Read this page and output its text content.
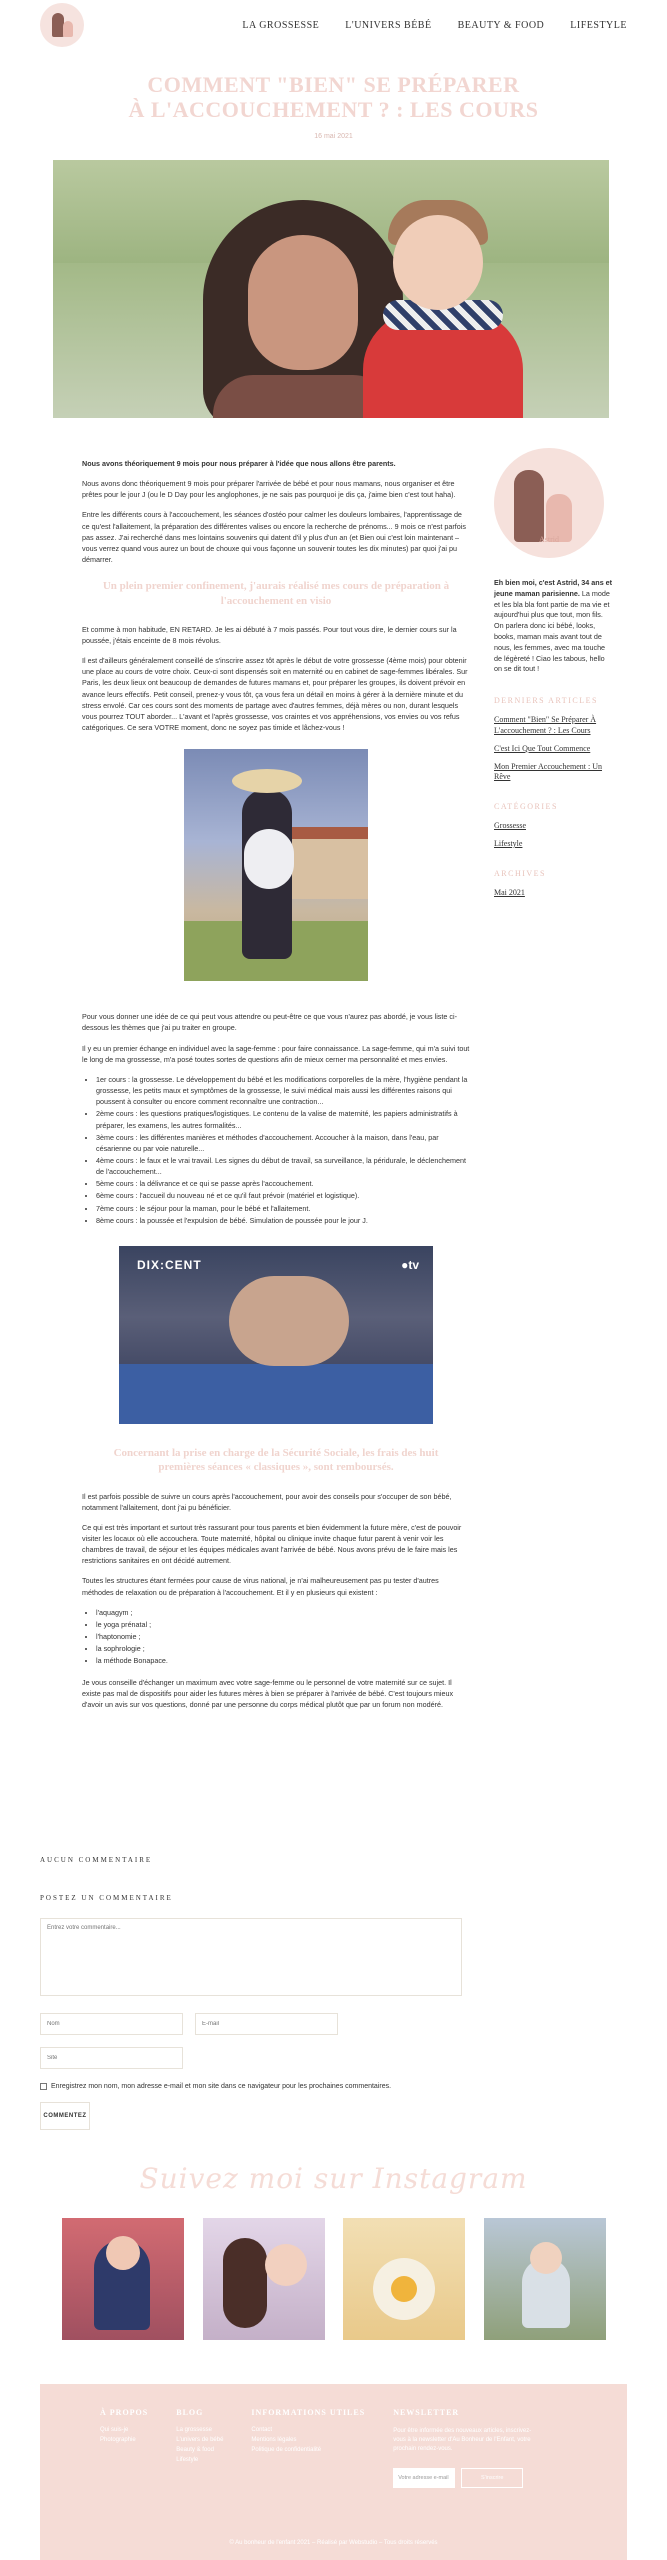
LA GROSSESSE	L'UNIVERS BÉBÉ	BEAUTY & FOOD	LIFESTYLE
COMMENT "BIEN" SE PRÉPARER
À L'ACCOUCHEMENT ? : LES COURS
16 mai 2021

Nous avons théoriquement 9 mois pour nous préparer à l'idée que nous allons être parents.

Nous avons donc théoriquement 9 mois pour préparer l'arrivée de bébé et pour nous mamans, nous organiser et être prêtes pour le jour J (ou le D Day pour les anglophones, je ne sais pas pourquoi je dis ça, j'aime bien c'est tout haha).

Entre les différents cours à l'accouchement, les séances d'ostéo pour calmer les douleurs lombaires, l'apprentissage de ce qu'est l'allaitement, la préparation des différentes valises ou encore la recherche de prénoms... 9 mois ce n'est parfois pas assez. J'ai recherché dans mes lointains souvenirs qui datent d'il y plus d'un an (et Bien oui c'est loin maintenant – vous verrez quand vous aurez un bout de chouxe qui vous façonne un souvenir toutes les dix minutes) par quoi j'ai pu démarrer.

Un plein premier confinement, j'aurais réalisé mes cours de préparation à l'accouchement en visio

Et comme à mon habitude, EN RETARD. Je les ai débuté à 7 mois passés. Pour tout vous dire, le dernier cours sur la poussée, j'étais enceinte de 8 mois révolus.

Il est d'ailleurs généralement conseillé de s'inscrire assez tôt après le début de votre grossesse (4ème mois) pour obtenir une place au cours de votre choix. Ceux-ci sont dispensés soit en maternité ou en cabinet de sage-femmes libérales. Sur Paris, les deux lieux ont beaucoup de demandes de futures mamans et, pour préparer les groupes, ils doivent prévoir en avance leurs effectifs. Petit conseil, prenez-y vous tôt, ça vous fera un détail en moins à gérer à la dernière minute et du stress envolé. Car ces cours sont des moments de partage avec d'autres femmes, déjà mères ou non, durant lesquels vous pourrez TOUT aborder... L'avant et l'après grossesse, vos craintes et vos appréhensions, vos envies ou vos refus catégoriques. Ce sera VOTRE moment, donc ne soyez pas timide et lâchez-vous !

Pour vous donner une idée de ce qui peut vous attendre ou peut-être ce que vous n'aurez pas abordé, je vous liste ci-dessous les thèmes que j'ai pu traiter en groupe.

Il y eu un premier échange en individuel avec la sage-femme : pour faire connaissance. La sage-femme, qui m'a suivi tout le long de ma grossesse, m'a posé toutes sortes de questions afin de mieux cerner ma personnalité et mes envies.

• 1er cours : la grossesse. Le développement du bébé et les modifications corporelles de la mère, l'hygiène pendant la grossesse, les petits maux et symptômes de la grossesse, le suivi médical mais aussi les différentes raisons qui poussent à consulter ou encore comment reconnaître une contraction...
• 2ème cours : les questions pratiques/logistiques. Le contenu de la valise de maternité, les papiers administratifs à préparer, les examens, les autres formalités...
• 3ème cours : les différentes manières et méthodes d'accouchement. Accoucher à la maison, dans l'eau, par césarienne ou par voie naturelle...
• 4ème cours : le faux et le vrai travail. Les signes du début de travail, sa surveillance, la péridurale, le déclenchement de l'accouchement...
• 5ème cours : la délivrance et ce qui se passe après l'accouchement.
• 6ème cours : l'accueil du nouveau né et ce qu'il faut prévoir (matériel et logistique).
• 7ème cours : le séjour pour la maman, pour le bébé et l'allaitement.
• 8ème cours : la poussée et l'expulsion de bébé. Simulation de poussée pour le jour J.
DIX:CENT	●tv
Concernant la prise en charge de la Sécurité Sociale, les frais des huit premières séances « classiques », sont remboursés.

Il est parfois possible de suivre un cours après l'accouchement, pour avoir des conseils pour s'occuper de son bébé, notamment l'allaitement, dont j'ai pu bénéficier.

Ce qui est très important et surtout très rassurant pour tous parents et bien évidemment la future mère, c'est de pouvoir visiter les locaux où elle accouchera. Toute maternité, hôpital ou clinique invite chaque futur parent à venir voir les chambres de travail, de séjour et les équipes médicales avant l'arrivée de bébé. Nous avons prévu de le faire mais les restrictions sanitaires en ont décidé autrement.

Toutes les structures étant fermées pour cause de virus national, je n'ai malheureusement pas pu tester d'autres méthodes de relaxation ou de préparation à l'accouchement. Et il y en plusieurs qui existent :

• l'aquagym ;
• le yoga prénatal ;
• l'haptonomie ;
• la sophrologie ;
• la méthode Bonapace.

Je vous conseille d'échanger un maximum avec votre sage-femme ou le personnel de votre maternité sur ce sujet. Il existe pas mal de dispositifs pour aider les futures mères à bien se préparer à l'arrivée de bébé. C'est toujours mieux d'avoir un avis sur vos questions, donné par une personne du corps médical plutôt que par un forum non modéré.

Astrid
Eh bien moi, c'est Astrid, 34 ans et jeune maman parisienne. La mode et les bla bla font partie de ma vie et aujourd'hui plus que tout, mon fils. On parlera donc ici bébé, looks, books, maman mais avant tout de nous, les femmes, avec ma touche de légèreté ! Ciao les tabous, hello on se dit tout !
DERNIERS ARTICLES
Comment "Bien" Se Préparer À L'accouchement ? : Les Cours
C'est Ici Que Tout Commence
Mon Premier Accouchement : Un Rêve
CATÉGORIES
Grossesse
Lifestyle
ARCHIVES
Mai 2021
AUCUN COMMENTAIRE
POSTEZ UN COMMENTAIRE
Entrez votre commentaire...
Nom
E-mail
Site
Enregistrez mon nom, mon adresse e-mail et mon site dans ce navigateur pour les prochaines commentaires.
COMMENTEZ
Suivez moi sur Instagram
À PROPOS
Qui suis-je
Photographie
BLOG
La grossesse
L'univers de bébé
Beauty & food
Lifestyle
INFORMATIONS UTILES
Contact
Mentions légales
Politique de confidentialité
NEWSLETTER

Pour être informée des nouveaux articles, inscrivez-vous à la newsletter d'Au Bonheur de l'Enfant, votre prochain rendez-vous.

Votre adresse e-mail	S'inscrire
© Au bonheur de l'enfant 2021 – Réalisé par Webstudio – Tous droits réservés
